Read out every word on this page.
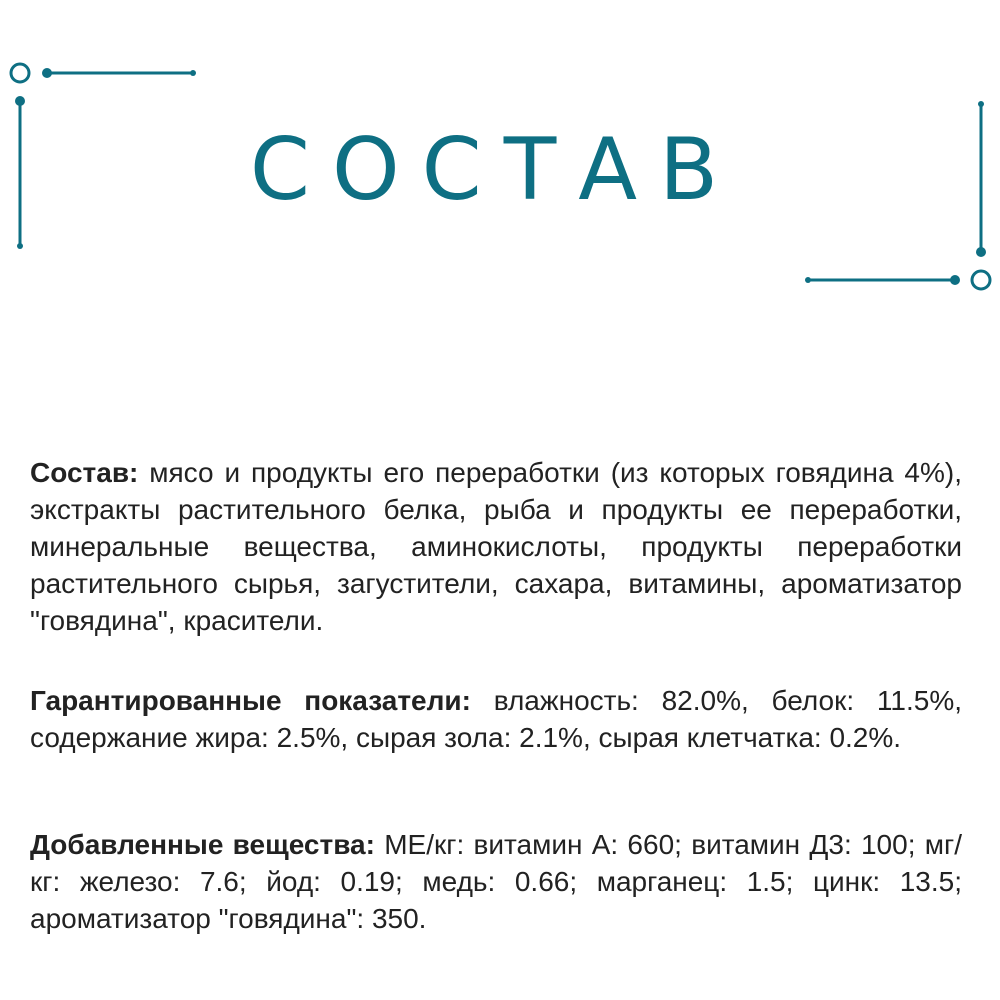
СОСТАВ

Состав: мясо и продукты его переработки (из которых говядина 4%), экстракты растительного белка, рыба и продукты ее переработки, минеральные вещества, аминокислоты, продукты переработки растительного сырья, загустители, сахара, витамины, ароматизатор "говядина", красители.

Гарантированные показатели: влажность: 82.0%, белок: 11.5%, содержание жира: 2.5%, сырая зола: 2.1%, сырая клетчатка: 0.2%.

Добавленные вещества: МЕ/кг: витамин А: 660; витамин Д3: 100; мг/кг: железо: 7.6; йод: 0.19; медь: 0.66; марганец: 1.5; цинк: 13.5; ароматизатор "говядина": 350.
